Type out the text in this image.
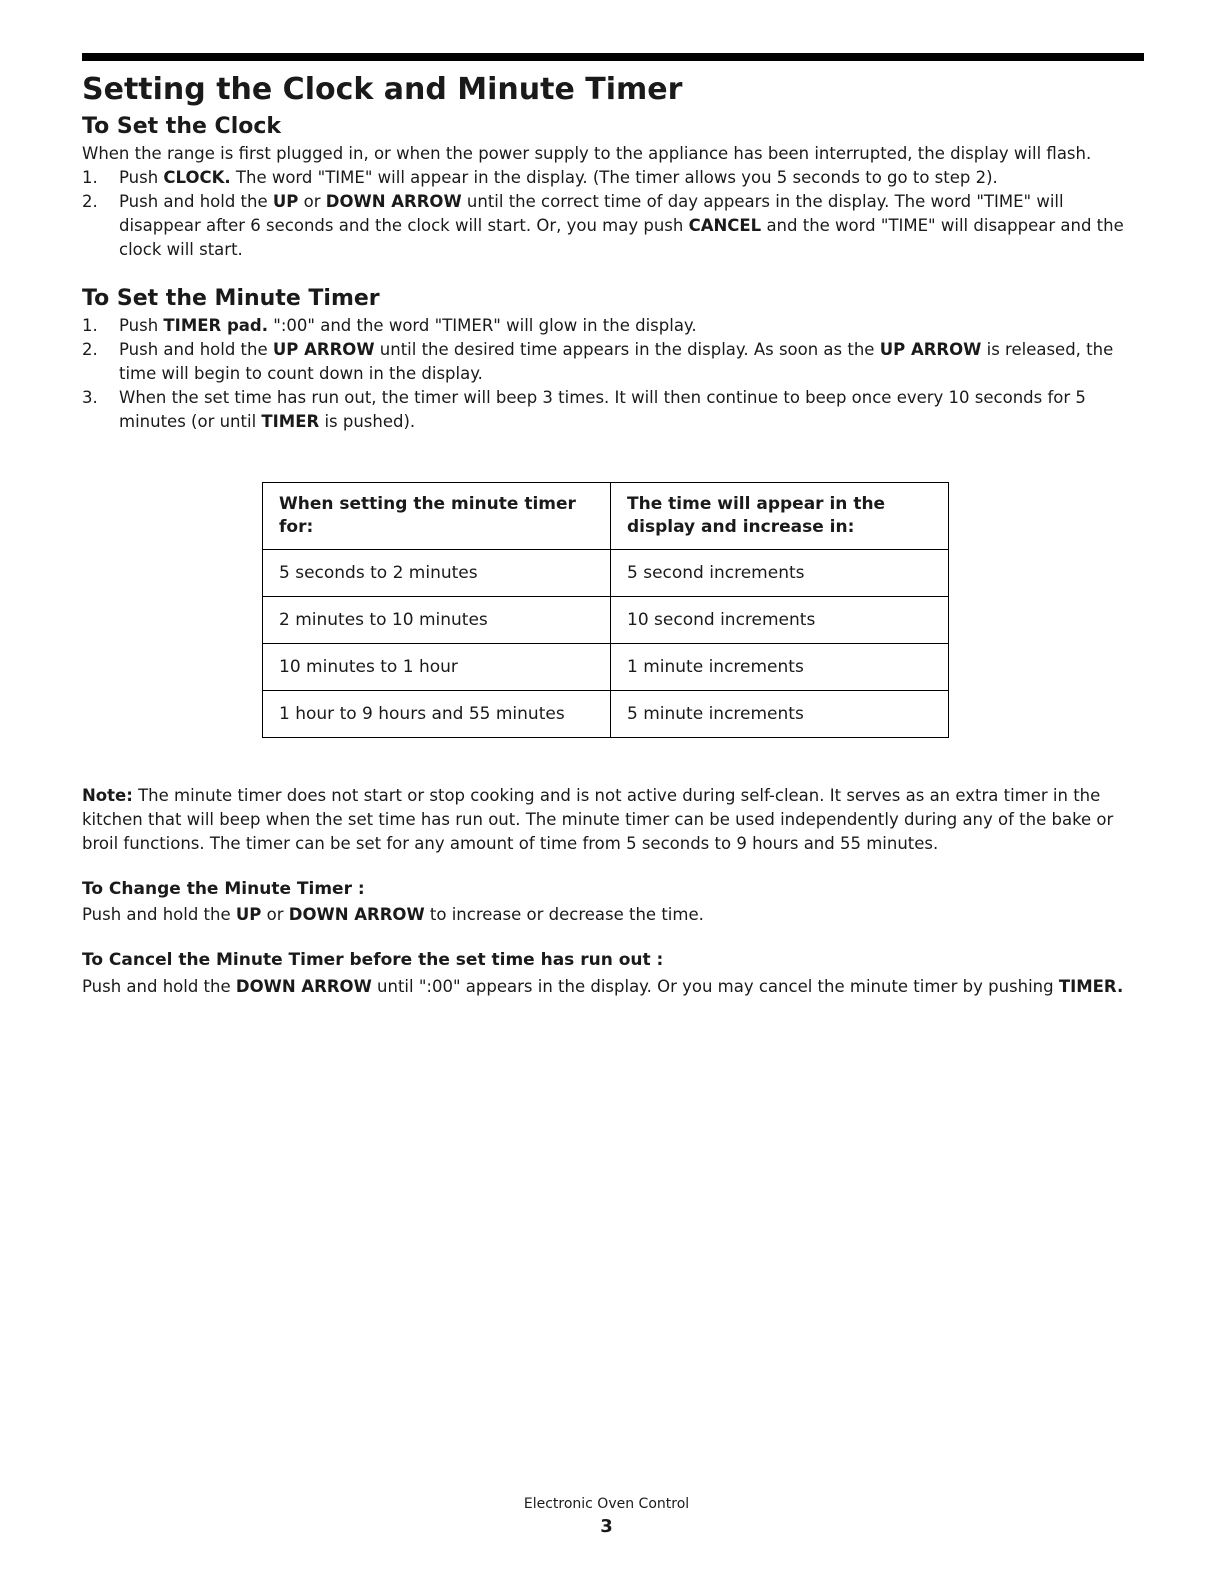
Setting the Clock and Minute Timer
To Set the Clock
When the range is first plugged in, or when the power supply to the appliance has been interrupted, the display will flash.
1. Push CLOCK. The word "TIME" will appear in the display. (The timer allows you 5 seconds to go to step 2).
2. Push and hold the UP or DOWN ARROW until the correct time of day appears in the display. The word "TIME" will disappear after 6 seconds and the clock will start. Or, you may push CANCEL and the word "TIME" will disappear and the clock will start.
To Set the Minute Timer
1. Push TIMER pad. ":00" and the word "TIMER" will glow in the display.
2. Push and hold the UP ARROW until the desired time appears in the display. As soon as the UP ARROW is released, the time will begin to count down in the display.
3. When the set time has run out, the timer will beep 3 times. It will then continue to beep once every 10 seconds for 5 minutes (or until TIMER is pushed).
When setting the minute timer for:	The time will appear in the display and increase in:
5 seconds to 2 minutes	5 second increments
2 minutes to 10 minutes	10 second increments
10 minutes to 1 hour	1 minute increments
1 hour to 9 hours and 55 minutes	5 minute increments
Note: The minute timer does not start or stop cooking and is not active during self-clean. It serves as an extra timer in the kitchen that will beep when the set time has run out. The minute timer can be used independently during any of the bake or broil functions. The timer can be set for any amount of time from 5 seconds to 9 hours and 55 minutes.
To Change the Minute Timer :
Push and hold the UP or DOWN ARROW to increase or decrease the time.
To Cancel the Minute Timer before the set time has run out :
Push and hold the DOWN ARROW until ":00" appears in the display. Or you may cancel the minute timer by pushing TIMER.
Electronic Oven Control
3
